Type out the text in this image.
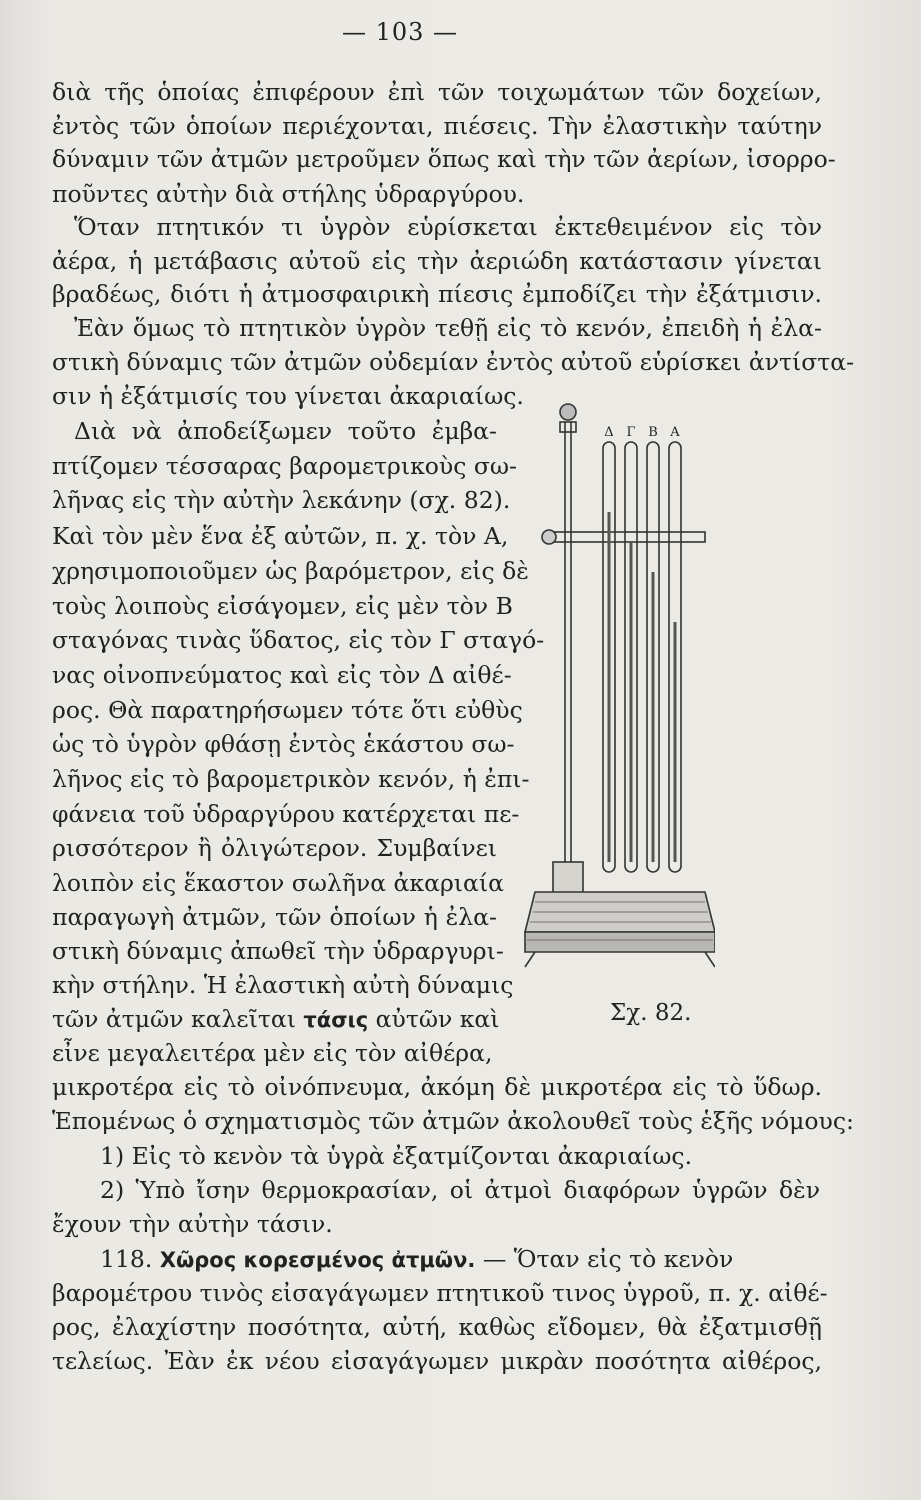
— 103 —
διὰ τῆς ὁποίας ἐπιφέρουν ἐπὶ τῶν τοιχωμάτων τῶν δοχείων,
ἐντὸς τῶν ὁποίων περιέχονται, πιέσεις. Τὴν ἐλαστικὴν ταύτην
δύναμιν τῶν ἀτμῶν μετροῦμεν ὅπως καὶ τὴν τῶν ἀερίων, ἰσορρο-
ποῦντες αὐτὴν διὰ στήλης ὑδραργύρου.
Ὅταν πτητικόν τι ὑγρὸν εὑρίσκεται ἐκτεθειμένον εἰς τὸν
ἀέρα, ἡ μετάβασις αὐτοῦ εἰς τὴν ἀεριώδη κατάστασιν γίνεται
βραδέως, διότι ἡ ἀτμοσφαιρικὴ πίεσις ἐμποδίζει τὴν ἐξάτμισιν.
Ἐὰν ὅμως τὸ πτητικὸν ὑγρὸν τεθῇ εἰς τὸ κενόν, ἐπειδὴ ἡ ἐλα-
στικὴ δύναμις τῶν ἀτμῶν οὐδεμίαν ἐντὸς αὐτοῦ εὑρίσκει ἀντίστα-
σιν ἡ ἐξάτμισίς του γίνεται ἀκαριαίως.
Διὰ νὰ ἀποδείξωμεν τοῦτο ἐμβα-
πτίζομεν τέσσαρας βαρομετρικοὺς σω-
λῆνας εἰς τὴν αὐτὴν λεκάνην (σχ. 82).
Καὶ τὸν μὲν ἕνα ἐξ αὐτῶν, π. χ. τὸν Α,
χρησιμοποιοῦμεν ὡς βαρόμετρον, εἰς δὲ
τοὺς λοιποὺς εἰσάγομεν, εἰς μὲν τὸν Β
σταγόνας τινὰς ὕδατος, εἰς τὸν Γ σταγό-
νας οἰνοπνεύματος καὶ εἰς τὸν Δ αἰθέ-
ρος. Θὰ παρατηρήσωμεν τότε ὅτι εὐθὺς
ὡς τὸ ὑγρὸν φθάσῃ ἐντὸς ἑκάστου σω-
λῆνος εἰς τὸ βαρομετρικὸν κενόν, ἡ ἐπι-
φάνεια τοῦ ὑδραργύρου κατέρχεται πε-
ρισσότερον ἢ ὀλιγώτερον. Συμβαίνει
λοιπὸν εἰς ἕκαστον σωλῆνα ἀκαριαία
παραγωγὴ ἀτμῶν, τῶν ὁποίων ἡ ἐλα-
στικὴ δύναμις ἀπωθεῖ τὴν ὑδραργυρι-
κὴν στήλην. Ἡ ἐλαστικὴ αὐτὴ δύναμις
τῶν ἀτμῶν καλεῖται τάσις αὐτῶν καὶ
εἶνε μεγαλειτέρα μὲν εἰς τὸν αἰθέρα,
Δ Γ Β Α
Σχ. 82.
μικροτέρα εἰς τὸ οἰνόπνευμα, ἀκόμη δὲ μικροτέρα εἰς τὸ ὕδωρ.
Ἑπομένως ὁ σχηματισμὸς τῶν ἀτμῶν ἀκολουθεῖ τοὺς ἑξῆς νόμους:
1) Εἰς τὸ κενὸν τὰ ὑγρὰ ἐξατμίζονται ἀκαριαίως.
2) Ὑπὸ ἴσην θερμοκρασίαν, οἱ ἀτμοὶ διαφόρων ὑγρῶν δὲν
ἔχουν τὴν αὐτὴν τάσιν.
118. Χῶρος κορεσμένος ἀτμῶν. — Ὅταν εἰς τὸ κενὸν
βαρομέτρου τινὸς εἰσαγάγωμεν πτητικοῦ τινος ὑγροῦ, π. χ. αἰθέ-
ρος, ἐλαχίστην ποσότητα, αὐτή, καθὼς εἴδομεν, θὰ ἐξατμισθῇ
τελείως. Ἐὰν ἐκ νέου εἰσαγάγωμεν μικρὰν ποσότητα αἰθέρος,
